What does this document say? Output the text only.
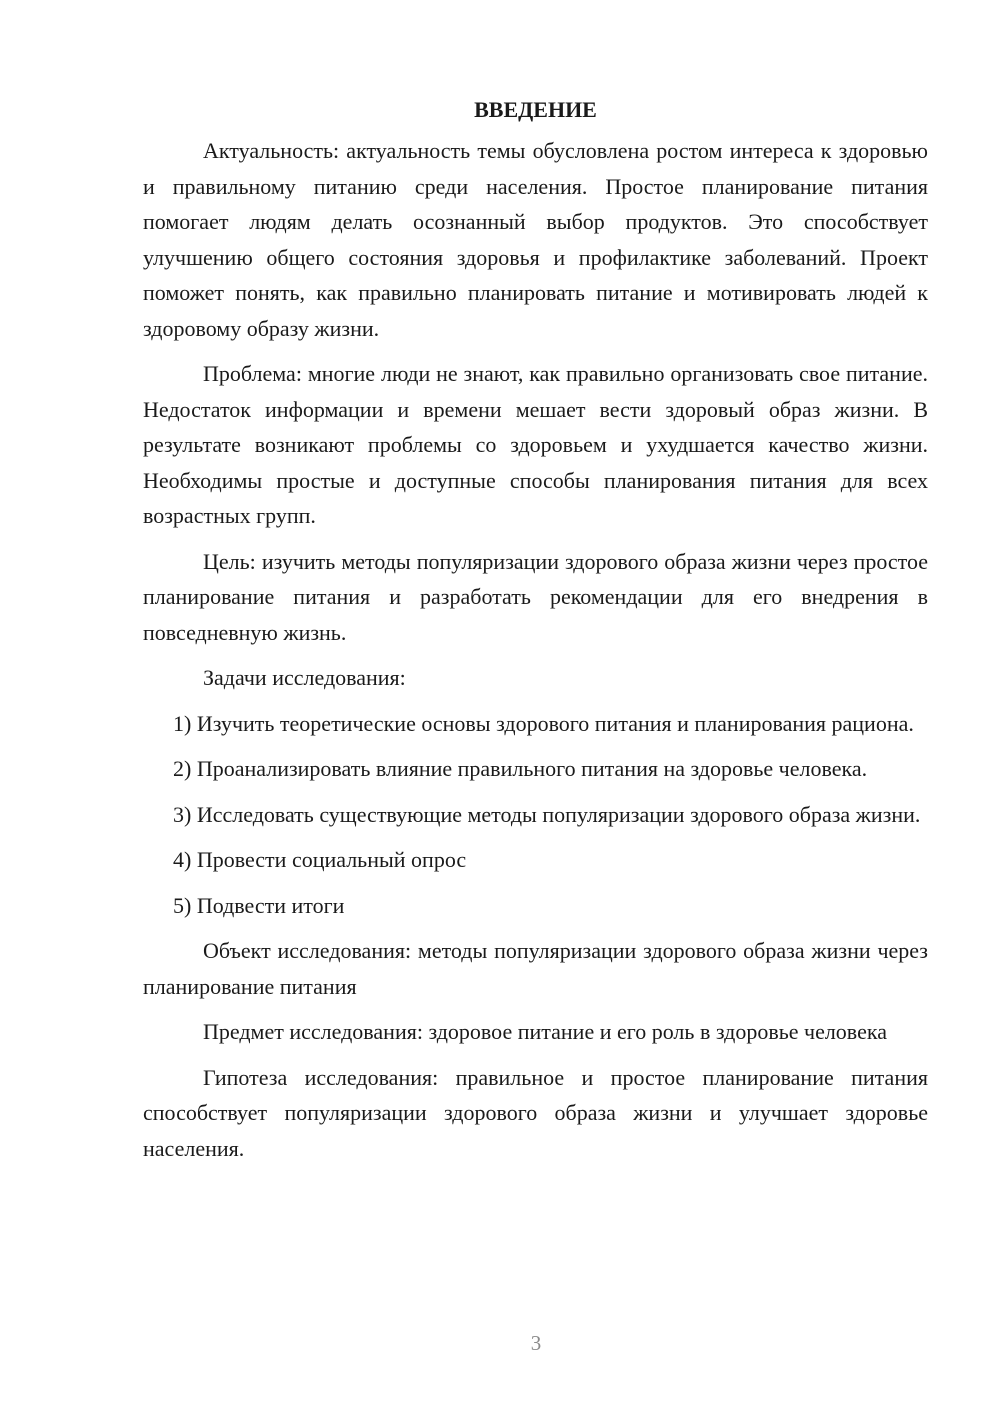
ВВЕДЕНИЕ

Актуальность: актуальность темы обусловлена ростом интереса к здоровью и правильному питанию среди населения. Простое планирование питания помогает людям делать осознанный выбор продуктов. Это способствует улучшению общего состояния здоровья и профилактике заболеваний. Проект поможет понять, как правильно планировать питание и мотивировать людей к здоровому образу жизни.

Проблема: многие люди не знают, как правильно организовать свое питание. Недостаток информации и времени мешает вести здоровый образ жизни. В результате возникают проблемы со здоровьем и ухудшается качество жизни. Необходимы простые и доступные способы планирования питания для всех возрастных групп.

Цель: изучить методы популяризации здорового образа жизни через простое планирование питания и разработать рекомендации для его внедрения в повседневную жизнь.

Задачи исследования:

1) Изучить теоретические основы здорового питания и планирования рациона.

2) Проанализировать влияние правильного питания на здоровье человека.

3) Исследовать существующие методы популяризации здорового образа жизни.

4) Провести социальный опрос

5) Подвести итоги

Объект исследования: методы популяризации здорового образа жизни через планирование питания

Предмет исследования: здоровое питание и его роль в здоровье человека

Гипотеза исследования: правильное и простое планирование питания способствует популяризации здорового образа жизни и улучшает здоровье населения.

3
